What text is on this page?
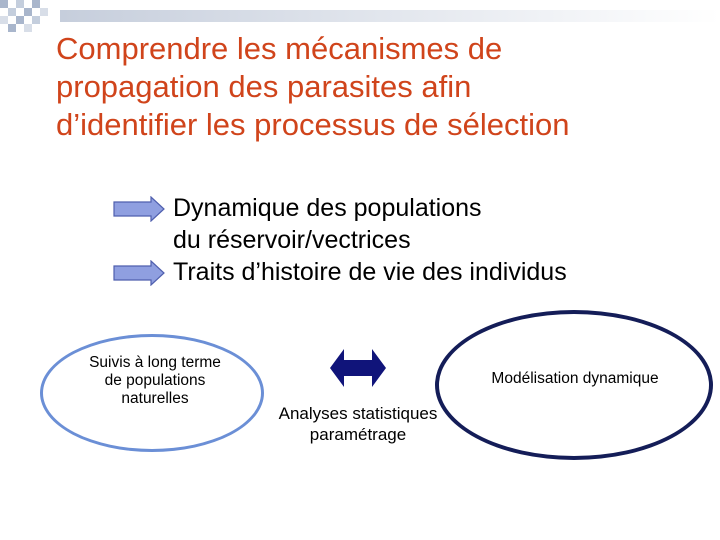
Comprendre les mécanismes de
propagation des parasites afin
d’identifier les processus de sélection
Dynamique des populations
du réservoir/vectrices
Traits d’histoire de vie des individus
Suivis à long terme
de populations
naturelles
Modélisation dynamique
Analyses statistiques
paramétrage
